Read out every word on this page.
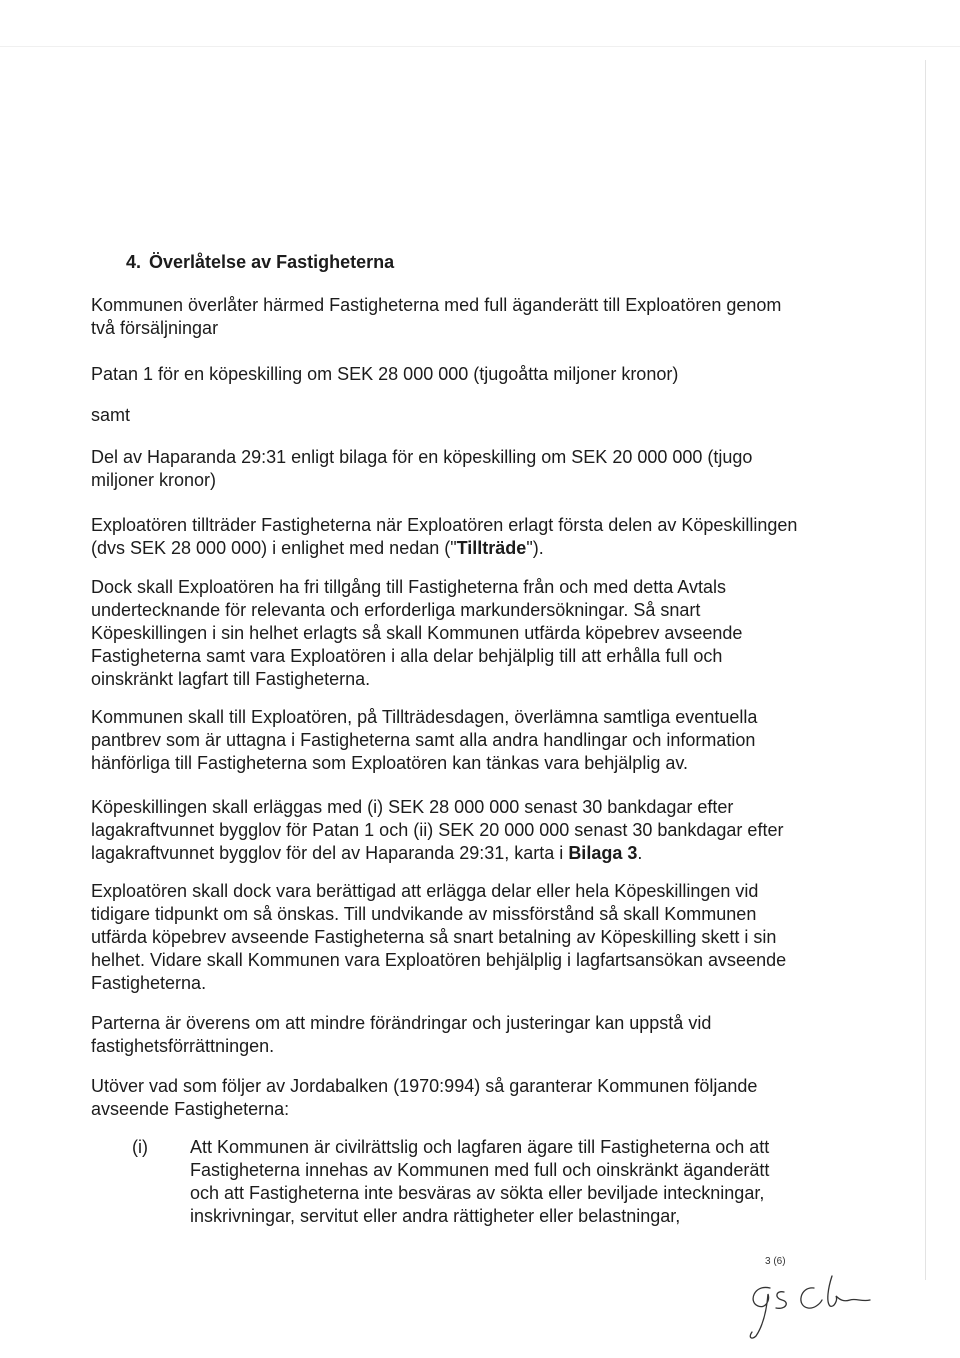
4. Överlåtelse av Fastigheterna

Kommunen överlåter härmed Fastigheterna med full äganderätt till Exploatören genom två försäljningar

Patan 1 för en köpeskilling om SEK 28 000 000 (tjugoåtta miljoner kronor)

samt

Del av Haparanda 29:31 enligt bilaga för en köpeskilling om SEK 20 000 000 (tjugo miljoner kronor)

Exploatören tillträder Fastigheterna när Exploatören erlagt första delen av Köpeskillingen (dvs SEK 28 000 000) i enlighet med nedan ("Tillträde").

Dock skall Exploatören ha fri tillgång till Fastigheterna från och med detta Avtals undertecknande för relevanta och erforderliga markundersökningar. Så snart Köpeskillingen i sin helhet erlagts så skall Kommunen utfärda köpebrev avseende Fastigheterna samt vara Exploatören i alla delar behjälplig till att erhålla full och oinskränkt lagfart till Fastigheterna.

Kommunen skall till Exploatören, på Tillträdesdagen, överlämna samtliga eventuella pantbrev som är uttagna i Fastigheterna samt alla andra handlingar och information hänförliga till Fastigheterna som Exploatören kan tänkas vara behjälplig av.

Köpeskillingen skall erläggas med (i) SEK 28 000 000 senast 30 bankdagar efter lagakraftvunnet bygglov för Patan 1 och (ii) SEK 20 000 000 senast 30 bankdagar efter lagakraftvunnet bygglov för del av Haparanda 29:31, karta i Bilaga 3.

Exploatören skall dock vara berättigad att erlägga delar eller hela Köpeskillingen vid tidigare tidpunkt om så önskas. Till undvikande av missförstånd så skall Kommunen utfärda köpebrev avseende Fastigheterna så snart betalning av Köpeskilling skett i sin helhet. Vidare skall Kommunen vara Exploatören behjälplig i lagfartsansökan avseende Fastigheterna.

Parterna är överens om att mindre förändringar och justeringar kan uppstå vid fastighetsförrättningen.

Utöver vad som följer av Jordabalken (1970:994) så garanterar Kommunen följande avseende Fastigheterna:

(i) Att Kommunen är civilrättslig och lagfaren ägare till Fastigheterna och att Fastigheterna innehas av Kommunen med full och oinskränkt äganderätt och att Fastigheterna inte besväras av sökta eller beviljade inteckningar, inskrivningar, servitut eller andra rättigheter eller belastningar,

3 (6)
